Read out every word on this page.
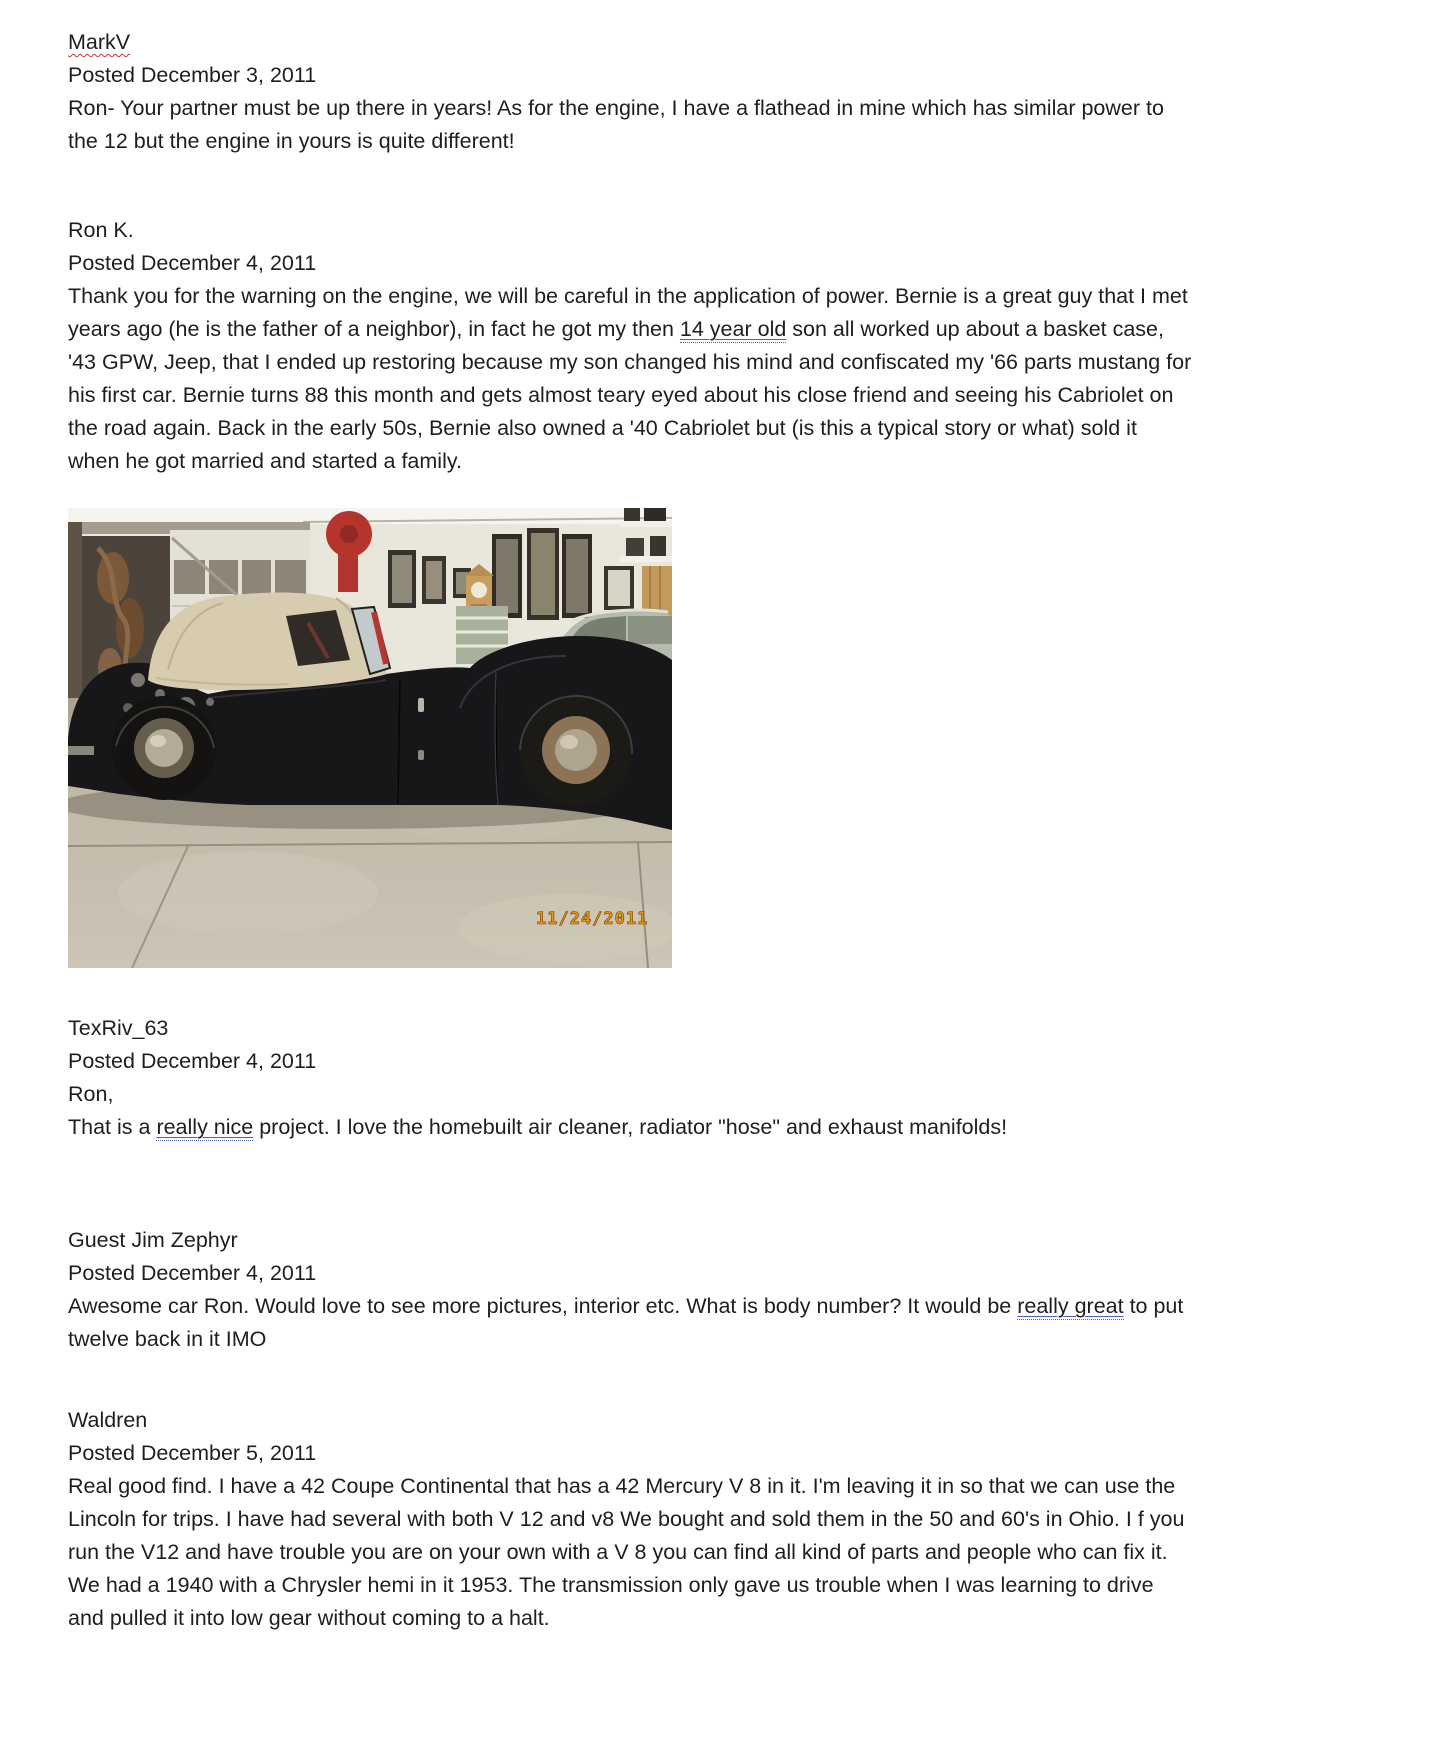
MarkV
Posted December 3, 2011

Ron- Your partner must be up there in years! As for the engine, I have a flathead in mine which has similar power to the 12 but the engine in yours is quite different!

Ron K.
Posted December 4, 2011

Thank you for the warning on the engine, we will be careful in the application of power. Bernie is a great guy that I met years ago (he is the father of a neighbor), in fact he got my then 14 year old son all worked up about a basket case, '43 GPW, Jeep, that I ended up restoring because my son changed his mind and confiscated my '66 parts mustang for his first car. Bernie turns 88 this month and gets almost teary eyed about his close friend and seeing his Cabriolet on the road again. Back in the early 50s, Bernie also owned a '40 Cabriolet but (is this a typical story or what) sold it when he got married and started a family.

11/24/2011
TexRiv_63
Posted December 4, 2011
Ron,

That is a really nice project. I love the homebuilt air cleaner, radiator "hose" and exhaust manifolds!

Guest Jim Zephyr
Posted December 4, 2011

Awesome car Ron. Would love to see more pictures, interior etc. What is body number? It would be really great to put twelve back in it IMO

Waldren
Posted December 5, 2011

Real good find. I have a 42 Coupe Continental that has a 42 Mercury V 8 in it. I'm leaving it in so that we can use the Lincoln for trips. I have had several with both V 12 and v8 We bought and sold them in the 50 and 60's in Ohio. I f you run the V12 and have trouble you are on your own with a V 8 you can find all kind of parts and people who can fix it. We had a 1940 with a Chrysler hemi in it 1953. The transmission only gave us trouble when I was learning to drive and pulled it into low gear without coming to a halt.
